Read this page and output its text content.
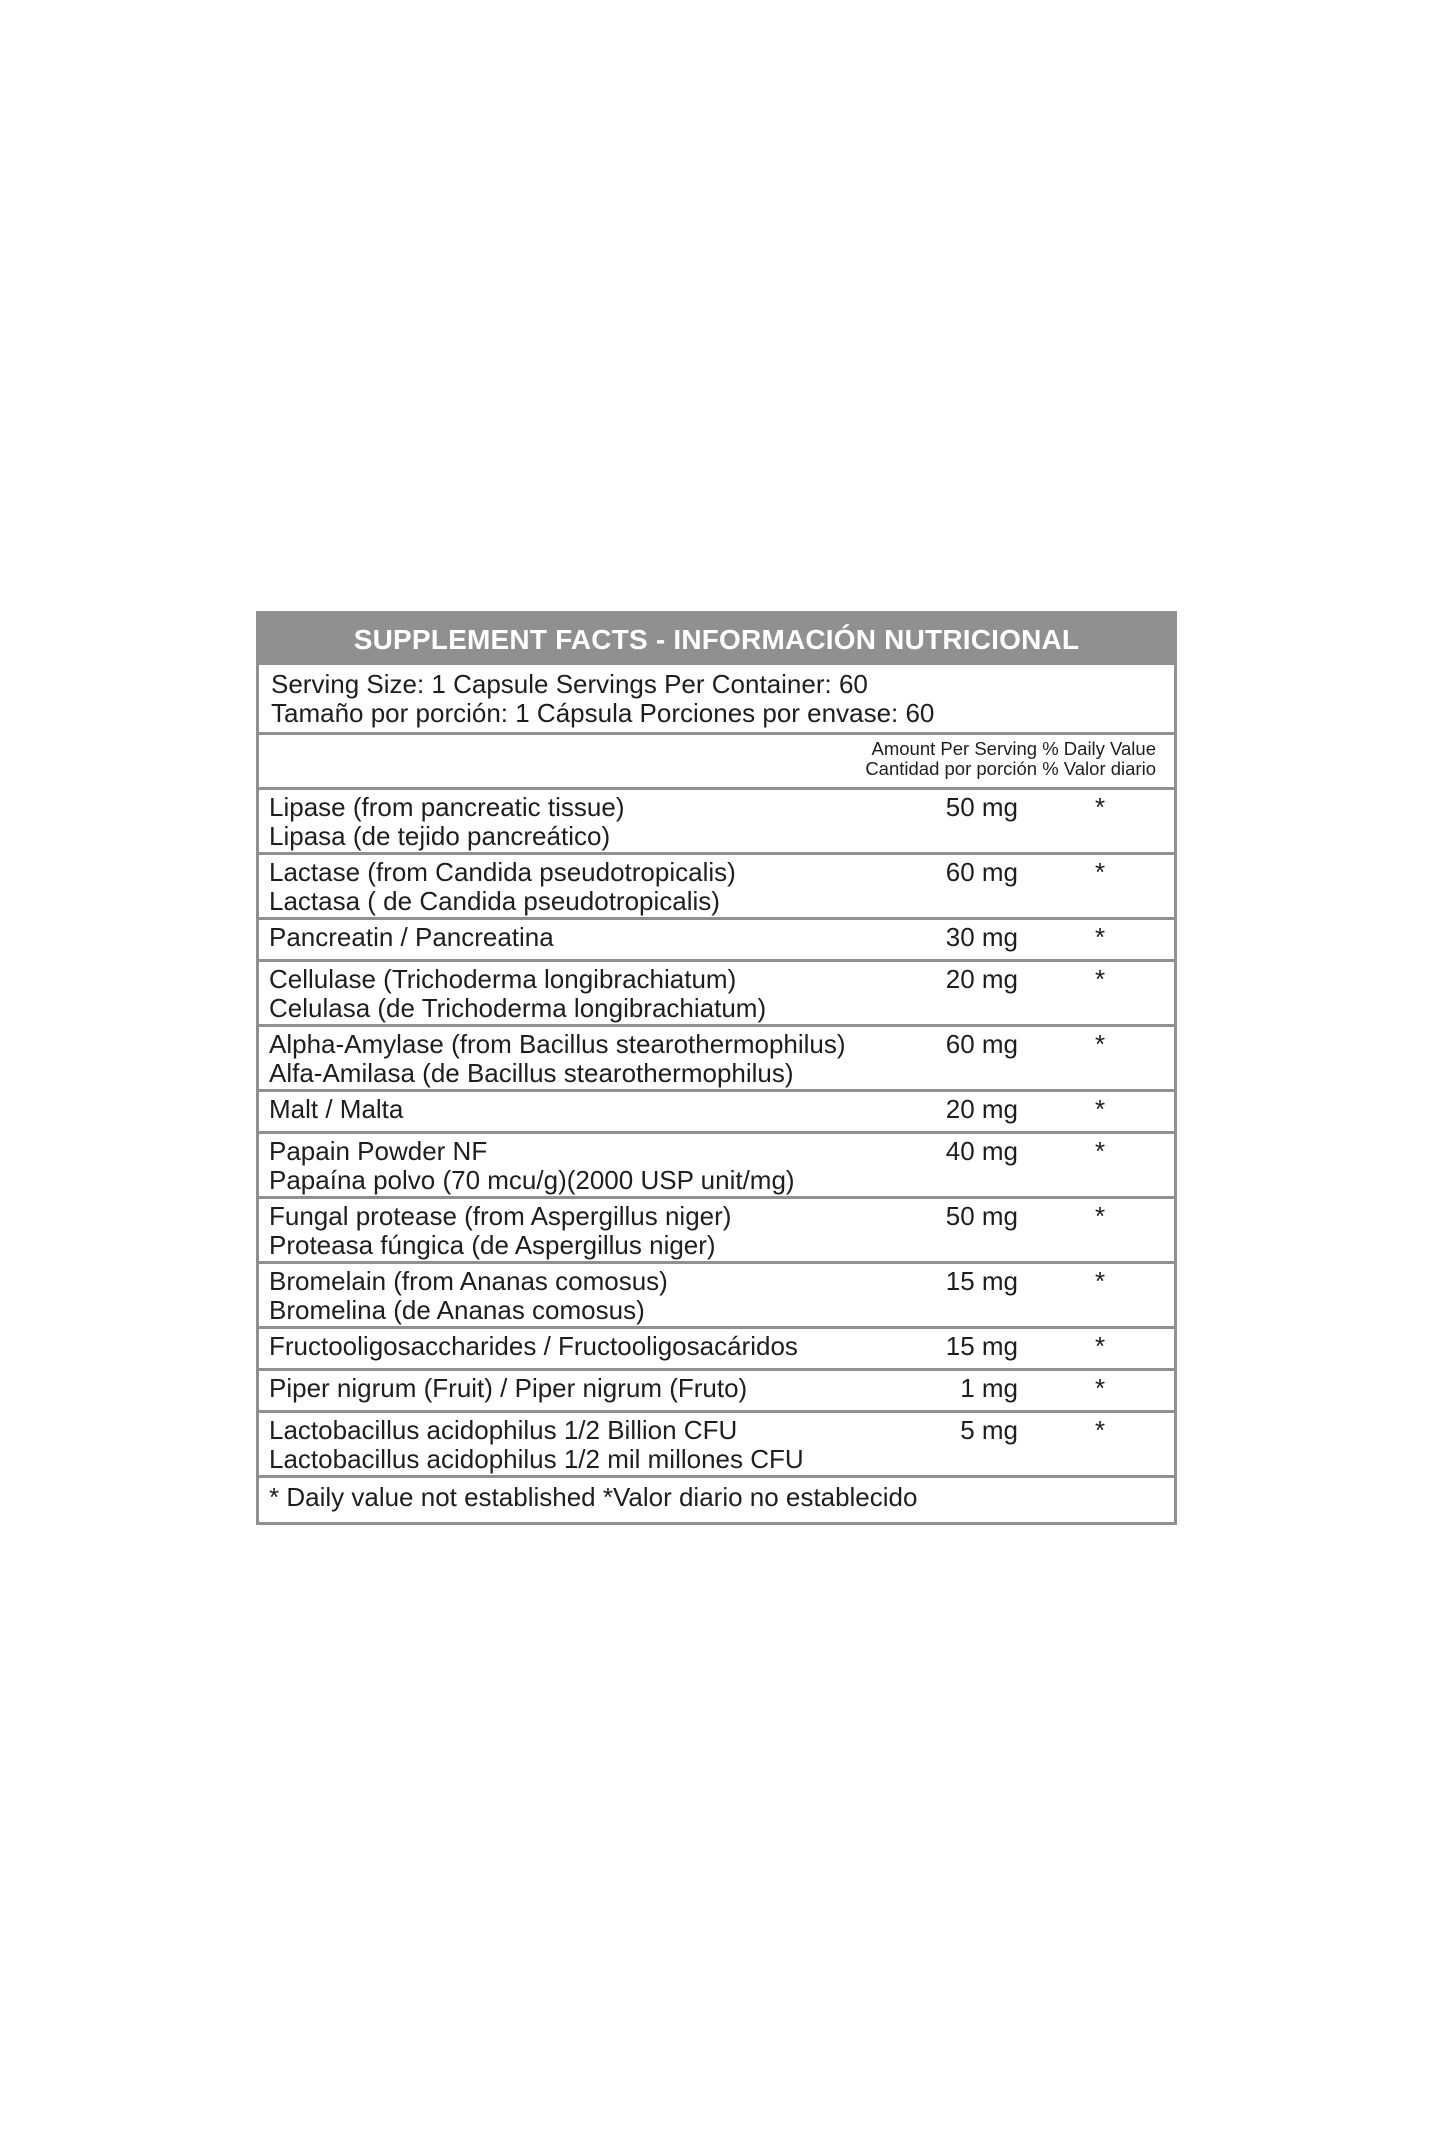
SUPPLEMENT FACTS - INFORMACIÓN NUTRICIONAL
Serving Size: 1 Capsule Servings Per Container: 60
Tamaño por porción: 1 Cápsula Porciones por envase: 60
Amount Per Serving % Daily Value
Cantidad por porción % Valor diario
Lipase (from pancreatic tissue)
Lipasa (de tejido pancreático)
50 mg	*
Lactase (from Candida pseudotropicalis)
Lactasa ( de Candida pseudotropicalis)
60 mg	*
Pancreatin / Pancreatina	30 mg	*
Cellulase (Trichoderma longibrachiatum)
Celulasa (de Trichoderma longibrachiatum)
20 mg	*
Alpha-Amylase (from Bacillus stearothermophilus)
Alfa-Amilasa (de Bacillus stearothermophilus)
60 mg	*
Malt / Malta	20 mg	*
Papain Powder NF
Papaína polvo (70 mcu/g)(2000 USP unit/mg)
40 mg	*
Fungal protease (from Aspergillus niger)
Proteasa fúngica (de Aspergillus niger)
50 mg	*
Bromelain (from Ananas comosus)
Bromelina (de Ananas comosus)
15 mg	*
Fructooligosaccharides / Fructooligosacáridos	15 mg	*
Piper nigrum (Fruit) / Piper nigrum (Fruto)	1 mg	*
Lactobacillus acidophilus 1/2 Billion CFU
Lactobacillus acidophilus 1/2 mil millones CFU
5 mg	*
* Daily value not established *Valor diario no establecido
